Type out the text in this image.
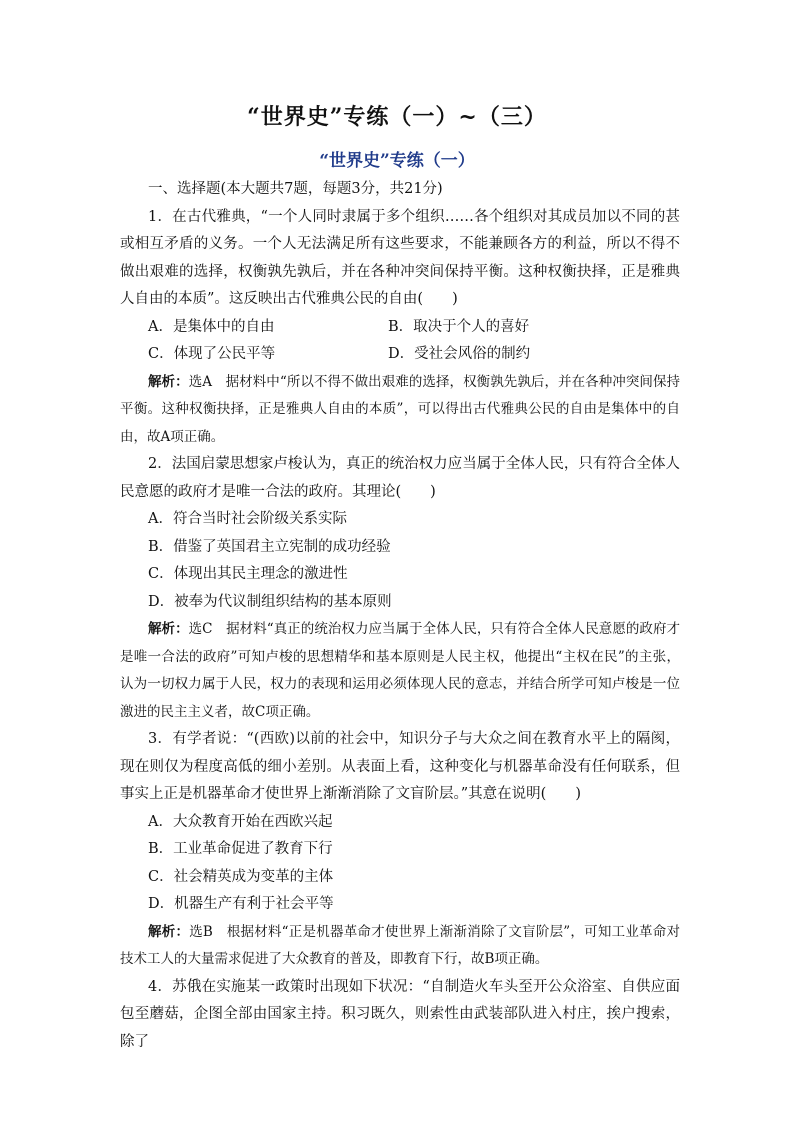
“世界史”专练（一）~（三）
“世界史”专练（一）

一、选择题(本大题共7题，每题3分，共21分)

1．在古代雅典，“一个人同时隶属于多个组织……各个组织对其成员加以不同的甚或相互矛盾的义务。一个人无法满足所有这些要求，不能兼顾各方的利益，所以不得不做出艰难的选择，权衡孰先孰后，并在各种冲突间保持平衡。这种权衡抉择，正是雅典人自由的本质”。这反映出古代雅典公民的自由(　　)

A．是集体中的自由	B．取决于个人的喜好
C．体现了公民平等	D．受社会风俗的制约

解析：选A　据材料中“所以不得不做出艰难的选择，权衡孰先孰后，并在各种冲突间保持平衡。这种权衡抉择，正是雅典人自由的本质”，可以得出古代雅典公民的自由是集体中的自由，故A项正确。

2．法国启蒙思想家卢梭认为，真正的统治权力应当属于全体人民，只有符合全体人民意愿的政府才是唯一合法的政府。其理论(　　)

A．符合当时社会阶级关系实际

B．借鉴了英国君主立宪制的成功经验

C．体现出其民主理念的激进性

D．被奉为代议制组织结构的基本原则

解析：选C　据材料“真正的统治权力应当属于全体人民，只有符合全体人民意愿的政府才是唯一合法的政府”可知卢梭的思想精华和基本原则是人民主权，他提出“主权在民”的主张，认为一切权力属于人民，权力的表现和运用必须体现人民的意志，并结合所学可知卢梭是一位激进的民主主义者，故C项正确。

3．有学者说：“(西欧)以前的社会中，知识分子与大众之间在教育水平上的隔阂，现在则仅为程度高低的细小差别。从表面上看，这种变化与机器革命没有任何联系，但事实上正是机器革命才使世界上渐渐消除了文盲阶层。”其意在说明(　　)

A．大众教育开始在西欧兴起

B．工业革命促进了教育下行

C．社会精英成为变革的主体

D．机器生产有利于社会平等

解析：选B　根据材料“正是机器革命才使世界上渐渐消除了文盲阶层”，可知工业革命对技术工人的大量需求促进了大众教育的普及，即教育下行，故B项正确。

4．苏俄在实施某一政策时出现如下状况：“自制造火车头至开公众浴室、自供应面包至蘑菇，企图全部由国家主持。积习既久，则索性由武装部队进入村庄，挨户搜索，除了
